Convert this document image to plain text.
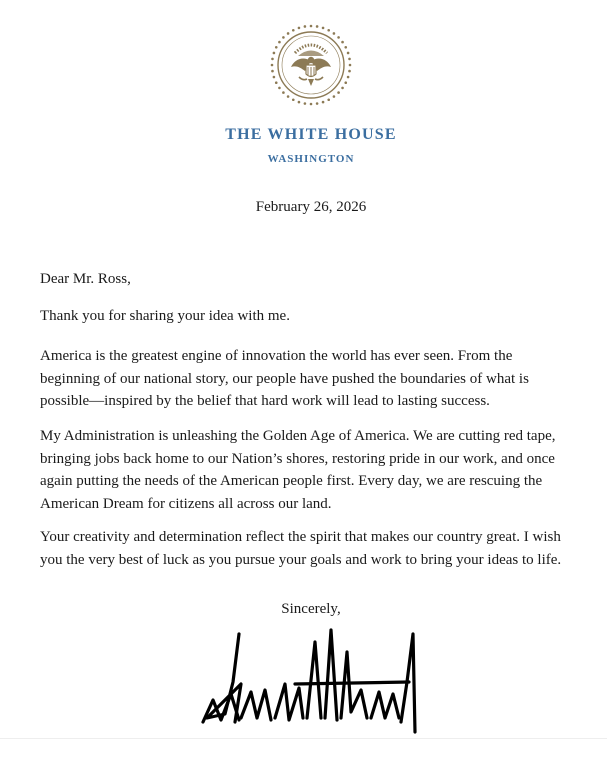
THE WHITE HOUSE
WASHINGTON
February 26, 2026
Dear Mr. Ross,
Thank you for sharing your idea with me.
America is the greatest engine of innovation the world has ever seen. From the beginning of our national story, our people have pushed the boundaries of what is possible—inspired by the belief that hard work will lead to lasting success.
My Administration is unleashing the Golden Age of America. We are cutting red tape, bringing jobs back home to our Nation’s shores, restoring pride in our work, and once again putting the needs of the American people first. Every day, we are rescuing the American Dream for citizens all across our land.
Your creativity and determination reflect the spirit that makes our country great. I wish you the very best of luck as you pursue your goals and work to bring your ideas to life.
Sincerely,
